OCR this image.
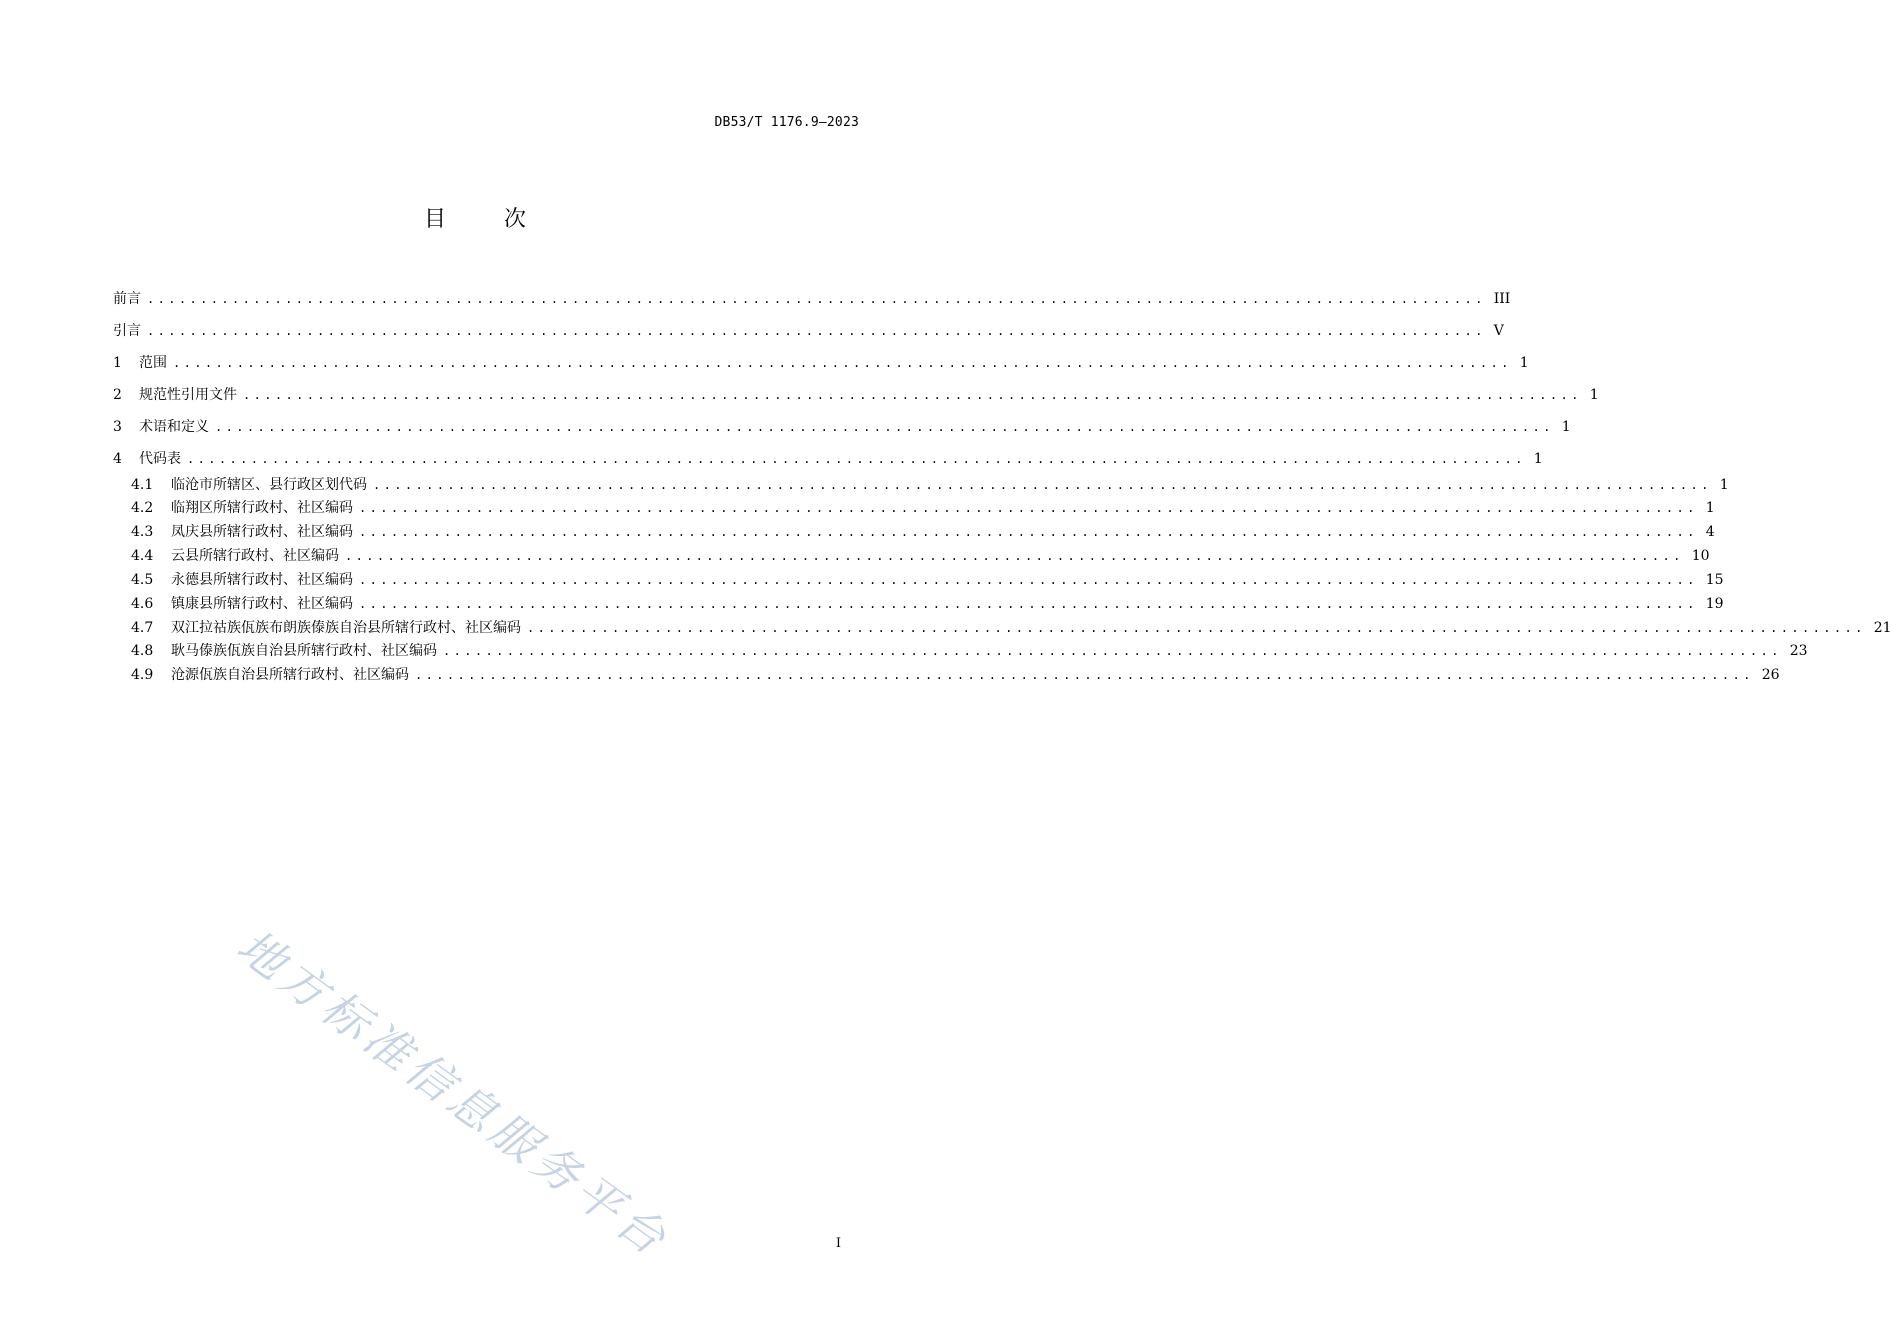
DB53/T 1176.9—2023
目次
前言 .............................................................................................................................. III
引言 .............................................................................................................................. V
1	范围 .............................................................................................................................. 1
2	规范性引用文件 .............................................................................................................................. 1
3	术语和定义 .............................................................................................................................. 1
4	代码表 .............................................................................................................................. 1
4.1	临沧市所辖区、县行政区划代码 .............................................................................................................................. 1
4.2	临翔区所辖行政村、社区编码 .............................................................................................................................. 1
4.3	凤庆县所辖行政村、社区编码 .............................................................................................................................. 4
4.4	云县所辖行政村、社区编码 .............................................................................................................................. 10
4.5	永德县所辖行政村、社区编码 .............................................................................................................................. 15
4.6	镇康县所辖行政村、社区编码 .............................................................................................................................. 19
4.7	双江拉祜族佤族布朗族傣族自治县所辖行政村、社区编码 .............................................................................................................................. 21
4.8	耿马傣族佤族自治县所辖行政村、社区编码 .............................................................................................................................. 23
4.9	沧源佤族自治县所辖行政村、社区编码 .............................................................................................................................. 26
地方标准信息服务平台	I
